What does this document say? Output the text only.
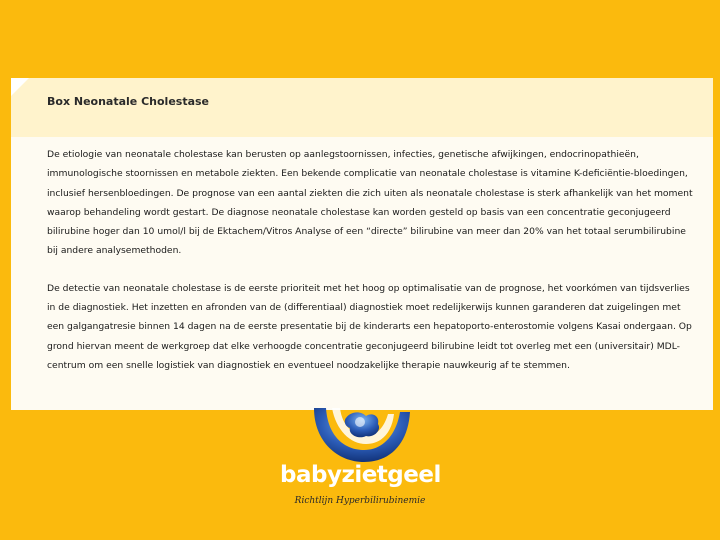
Box Neonatale Cholestase

De etiologie van neonatale cholestase kan berusten op aanlegstoornissen, infecties, genetische afwijkingen, endocrinopathieën, immunologische stoornissen en metabole ziekten. Een bekende complicatie van neonatale cholestase is vitamine K-deficiëntie-bloedingen, inclusief hersenbloedingen. De prognose van een aantal ziekten die zich uiten als neonatale cholestase is sterk afhankelijk van het moment waarop behandeling wordt gestart. De diagnose neonatale cholestase kan worden gesteld op basis van een concentratie geconjugeerd bilirubine hoger dan 10 umol/l bij de Ektachem/Vitros Analyse of een “directe” bilirubine van meer dan 20% van het totaal serumbilirubine bij andere analysemethoden.

De detectie van neonatale cholestase is de eerste prioriteit met het hoog op optimalisatie van de prognose, het voorkómen van tijdsverlies in de diagnostiek. Het inzetten en afronden van de (differentiaal) diagnostiek moet redelijkerwijs kunnen garanderen dat zuigelingen met een galgangatresie binnen 14 dagen na de eerste presentatie bij de kinderarts een hepatoporto-enterostomie volgens Kasai ondergaan. Op grond hiervan meent de werkgroep dat elke verhoogde concentratie geconjugeerd bilirubine leidt tot overleg met een (universitair) MDL-centrum om een snelle logistiek van diagnostiek en eventueel noodzakelijke therapie nauwkeurig af te stemmen.

babyzietgeel
Richtlijn Hyperbilirubinemie
